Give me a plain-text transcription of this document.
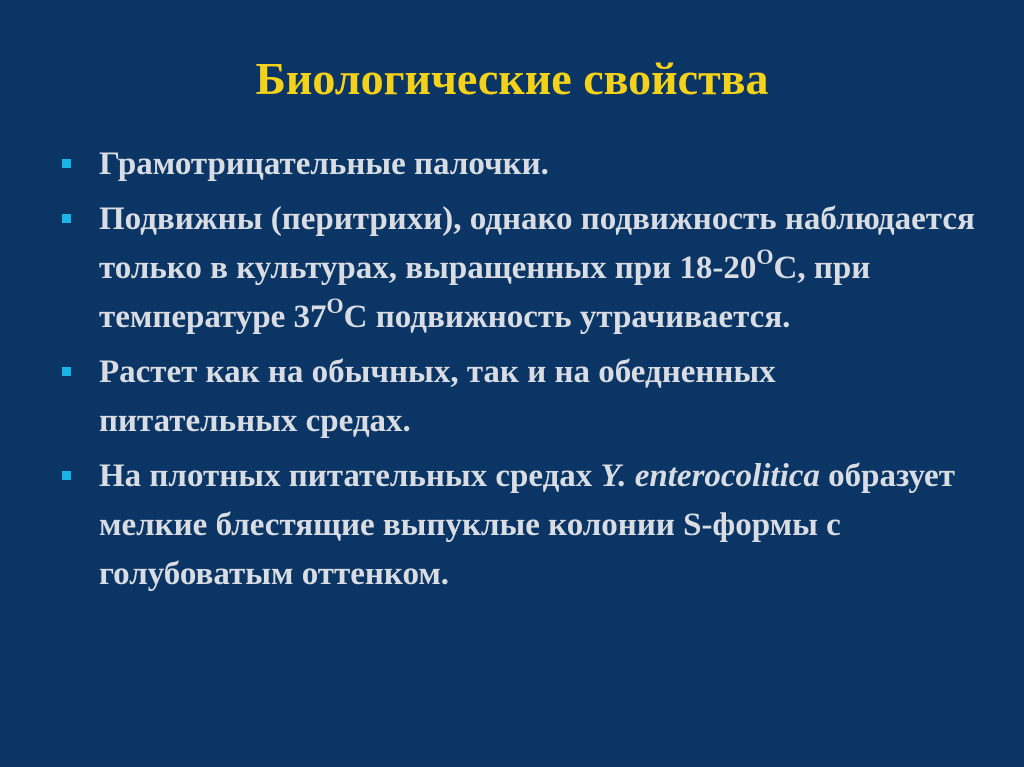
Биологические свойства
Грамотрицательные палочки.
Подвижны (перитрихи), однако подвижность наблюдается только в культурах, выращенных при $18-20^OС$, при температуре $37^OС$ подвижность утрачивается.
Растет как на обычных, так и на обедненных питательных средах.
На плотных питательных средах Y. enterocolitica образует мелкие блестящие выпуклые колонии S-формы с голубоватым оттенком.
